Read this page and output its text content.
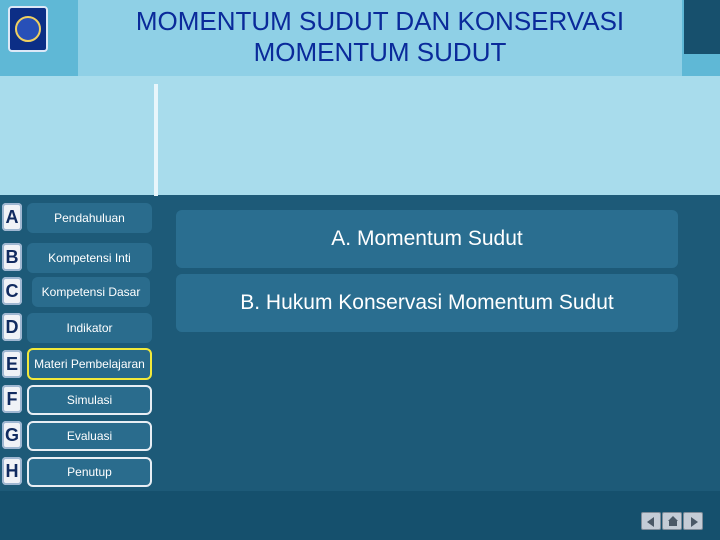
MOMENTUM SUDUT DAN KONSERVASI
MOMENTUM SUDUT
A	Pendahuluan
B	Kompetensi Inti
C	Kompetensi Dasar
D	Indikator
E	Materi Pembelajaran
F	Simulasi
G	Evaluasi
H	Penutup
A. Momentum Sudut
B. Hukum Konservasi Momentum Sudut
